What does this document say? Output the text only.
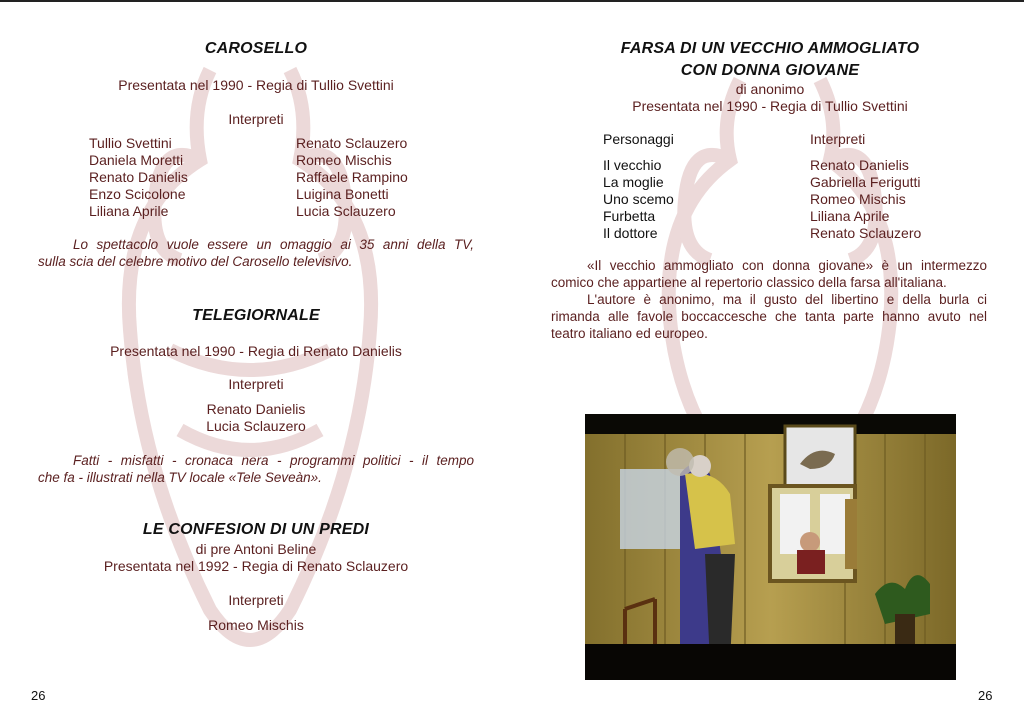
CAROSELLO
Presentata nel 1990 - Regia di Tullio Svettini
Interpreti
Tullio Svettini
Daniela Moretti
Renato Danielis
Enzo Scicolone
Liliana Aprile
Renato Sclauzero
Romeo Mischis
Raffaele Rampino
Luigina Bonetti
Lucia Sclauzero
Lo spettacolo vuole essere un omaggio ai 35 anni della TV,
sulla scia del celebre motivo del Carosello televisivo.
TELEGIORNALE
Presentata nel 1990 - Regia di Renato Danielis
Interpreti
Renato Danielis
Lucia Sclauzero
Fatti - misfatti - cronaca nera - programmi politici - il tempo
che fa - illustrati nella TV locale «Tele Seveàn».
LE CONFESION DI UN PREDI
di pre Antoni Beline
Presentata nel 1992 - Regia di Renato Sclauzero
Interpreti
Romeo Mischis
26
FARSA DI UN VECCHIO AMMOGLIATO
CON DONNA GIOVANE
di anonimo
Presentata nel 1990 - Regia di Tullio Svettini
Personaggi	Interpreti
Il vecchio
La moglie
Uno scemo
Furbetta
Il dottore
Renato Danielis
Gabriella Ferigutti
Romeo Mischis
Liliana Aprile
Renato Sclauzero
«Il vecchio ammogliato con donna giovane» è un intermezzo
comico che appartiene al repertorio classico della farsa all'italiana.
L'autore è anonimo, ma il gusto del libertino e della burla ci
rimanda alle favole boccaccesche che tanta parte hanno avuto nel
teatro italiano ed europeo.
26
